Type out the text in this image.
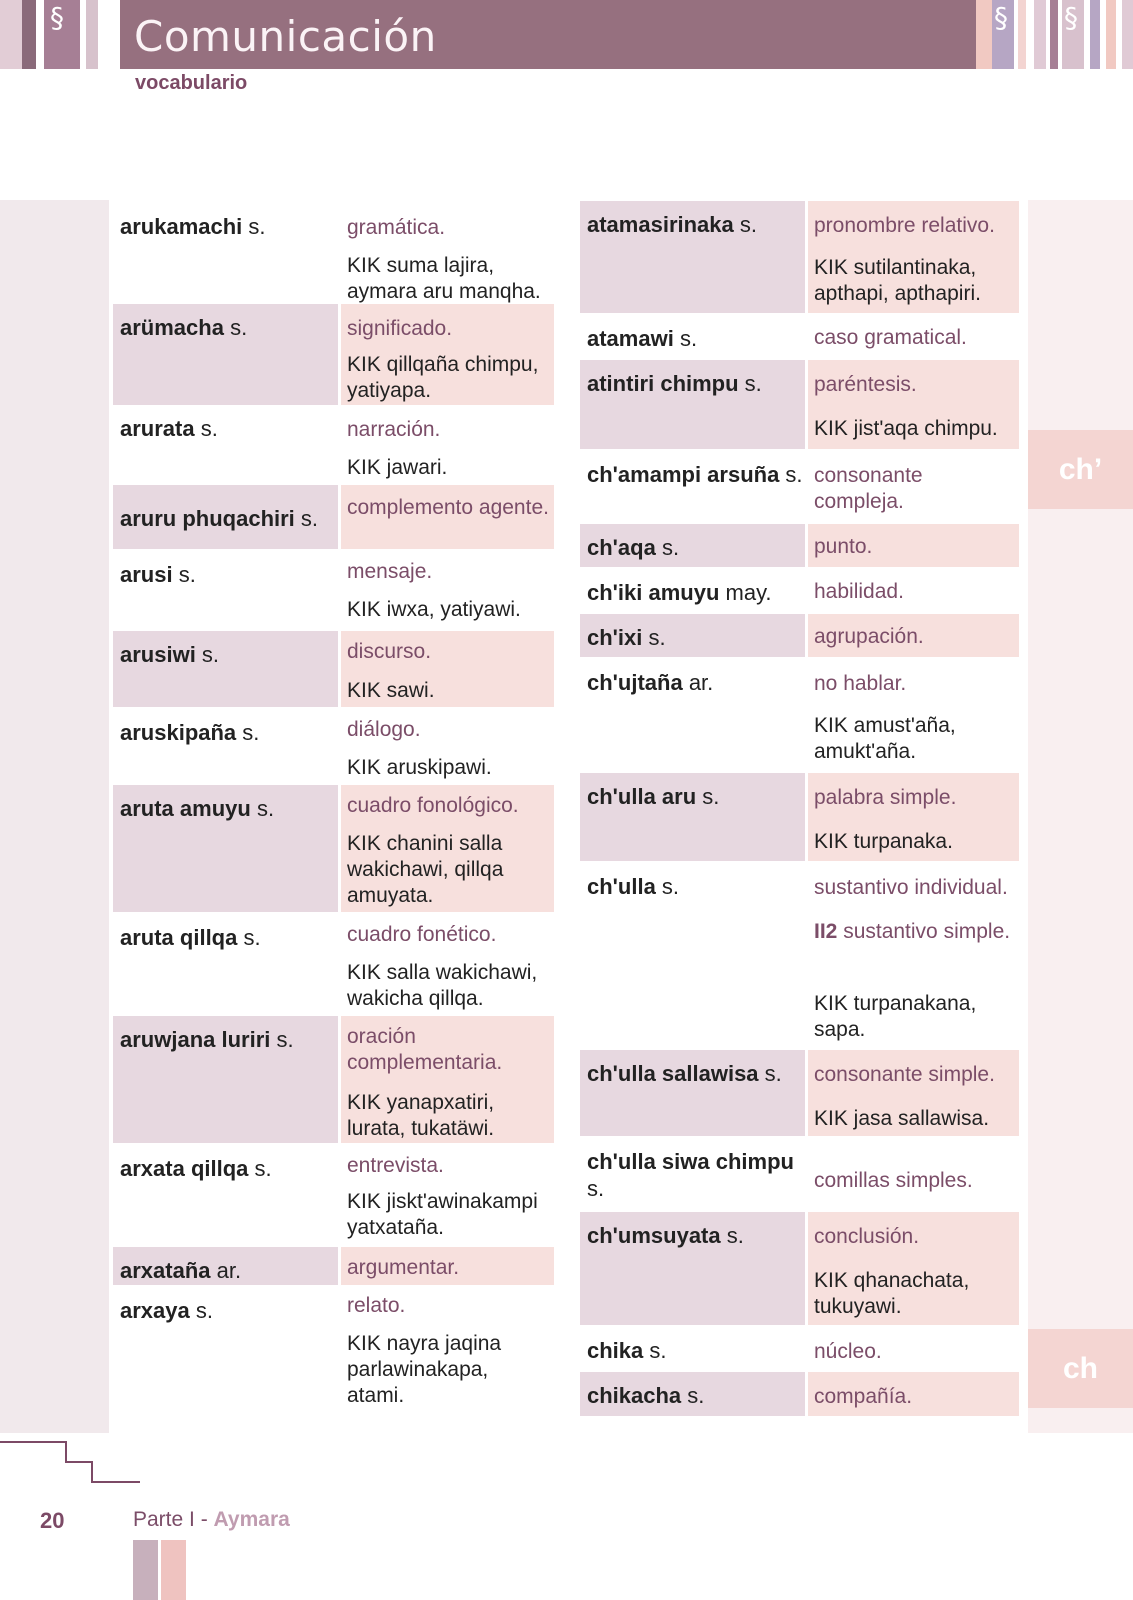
§ Comunicación
vocabulario
§ §
ch’
ch
arukamachi s.	gramática.
KIK suma lajira, aymara aru manqha.
arümacha s.	significado.
KIK qillqaña chimpu, yatiyapa.
arurata s.	narración.
KIK jawari.
aruru phuqachiri s.	complemento agente.
arusi s.	mensaje.
KIK iwxa, yatiyawi.
arusiwi s.	discurso.
KIK sawi.
aruskipaña s.	diálogo.
KIK aruskipawi.
aruta amuyu s.	cuadro fonológico.
KIK chanini salla wakichawi, qillqa amuyata.
aruta qillqa s.	cuadro fonético.
KIK salla wakichawi, wakicha qillqa.
aruwjana luriri s.	oración complementaria.
KIK yanapxatiri, lurata, tukatäwi.
arxata qillqa s.	entrevista.
KIK jiskt'awinakampi yatxataña.
arxataña ar.	argumentar.
arxaya s.	relato.
KIK nayra jaqina parlawinakapa, atami.
atamasirinaka s.	pronombre relativo.
KIK sutilantinaka, apthapi, apthapiri.
atamawi s.	caso gramatical.
atintiri chimpu s.	paréntesis.
KIK jist'aqa chimpu.
ch'amampi arsuña s. consonante compleja.
ch'aqa s.	punto.
ch'iki amuyu may.	habilidad.
ch'ixi s.	agrupación.
ch'ujtaña ar.	no hablar.
KIK amust'aña, amukt'aña.
ch'ulla aru s.	palabra simple.
KIK turpanaka.
ch'ulla s.	sustantivo individual.
II2 sustantivo simple.
KIK turpanakana, sapa.
ch'ulla sallawisa s.	consonante simple.
KIK jasa sallawisa.
ch'ulla siwa chimpu s.	comillas simples.
ch'umsuyata s.	conclusión.
KIK qhanachata, tukuyawi.
chika s.	núcleo.
chikacha s.	compañía.
20	Parte I - Aymara
